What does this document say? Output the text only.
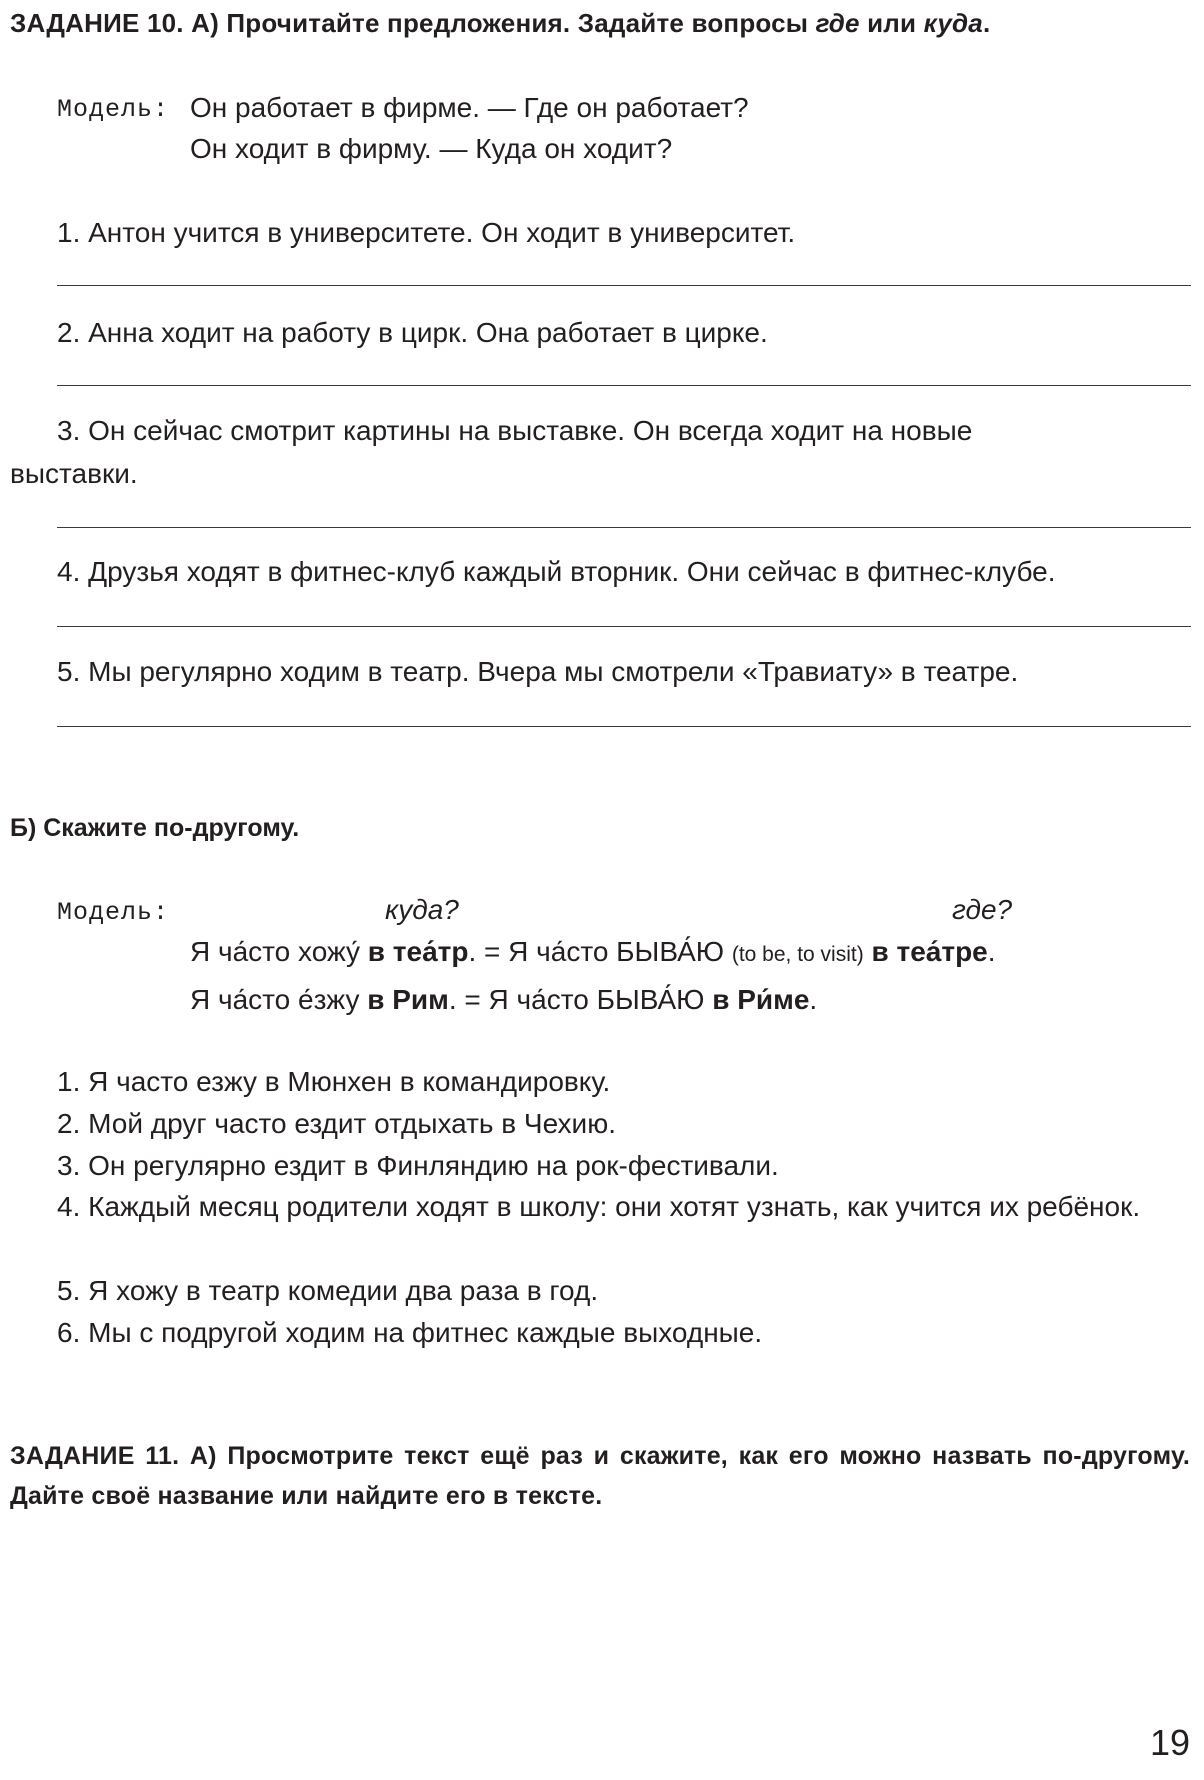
ЗАДАНИЕ 10. А) Прочитайте предложения. Задайте вопросы где или куда.
Модель: Он работает в фирме. — Где он работает?
Он ходит в фирму. — Куда он ходит?
1. Антон учится в университете. Он ходит в университет.
2. Анна ходит на работу в цирк. Она работает в цирке.
3. Он сейчас смотрит картины на выставке. Он всегда ходит на новые
выставки.
4. Друзья ходят в фитнес-клуб каждый вторник. Они сейчас в фитнес-клубе.
5. Мы регулярно ходим в театр. Вчера мы смотрели «Травиату» в театре.
Б) Скажите по-другому.
Модель:	куда?	где?
Я ча́сто хожу́ в теа́тр. = Я ча́сто БЫВА́Ю (to be, to visit) в теа́тре.
Я ча́сто е́зжу в Рим. = Я ча́сто БЫВА́Ю в Ри́ме.
1. Я часто езжу в Мюнхен в командировку.
2. Мой друг часто ездит отдыхать в Чехию.
3. Он регулярно ездит в Финляндию на рок-фестивали.
4. Каждый месяц родители ходят в школу: они хотят узнать, как учится их ребёнок.
5. Я хожу в театр комедии два раза в год.
6. Мы с подругой ходим на фитнес каждые выходные.
ЗАДАНИЕ 11. А) Просмотрите текст ещё раз и скажите, как его можно назвать по-другому. Дайте своё название или найдите его в тексте.
19
